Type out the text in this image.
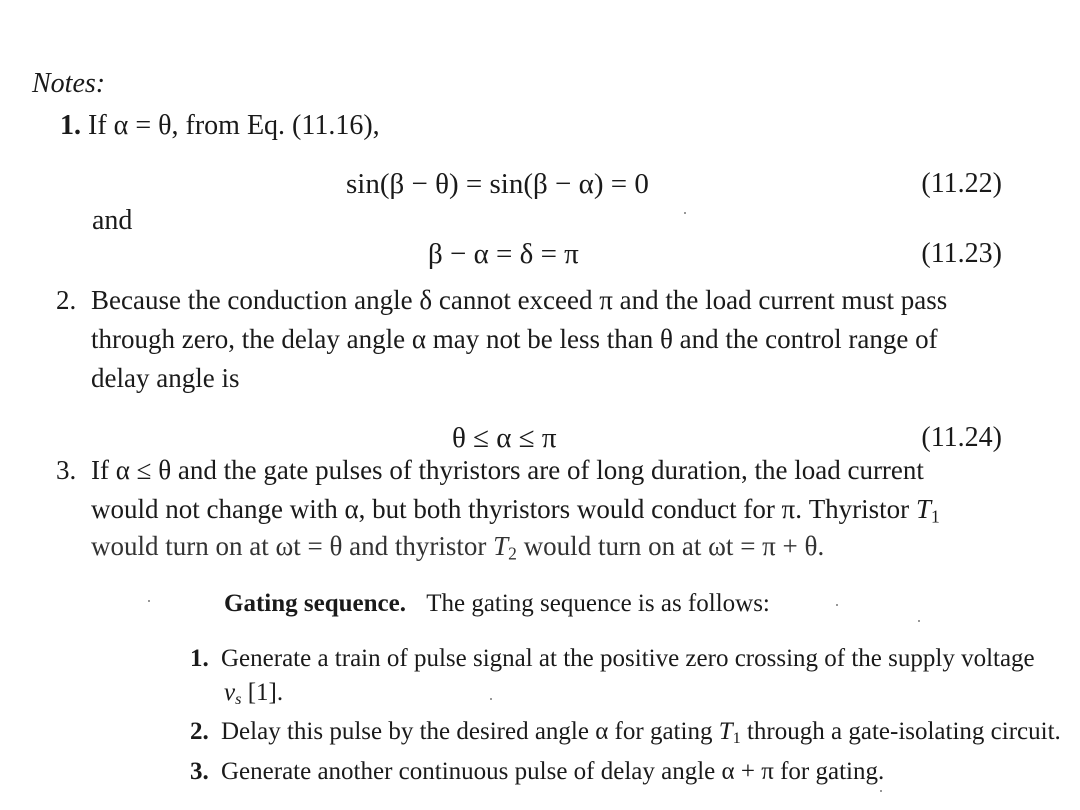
Notes:
1. If α = θ, from Eq. (11.16),
sin(β − θ) = sin(β − α) = 0	(11.22)
and
β − α = δ = π	(11.23)
2. Because the conduction angle δ cannot exceed π and the load current must pass
through zero, the delay angle α may not be less than θ and the control range of
delay angle is
θ ≤ α ≤ π	(11.24)
3. If α ≤ θ and the gate pulses of thyristors are of long duration, the load current
would not change with α, but both thyristors would conduct for π. Thyristor $T_1$
would turn on at ωt = θ and thyristor $T_2$ would turn on at ωt = π + θ.
Gating sequence. The gating sequence is as follows:
1. Generate a train of pulse signal at the positive zero crossing of the supply voltage
$v_s$ [1].
2. Delay this pulse by the desired angle α for gating $T_1$ through a gate-isolating circuit.
3. Generate another continuous pulse of delay angle α + π for gating.
